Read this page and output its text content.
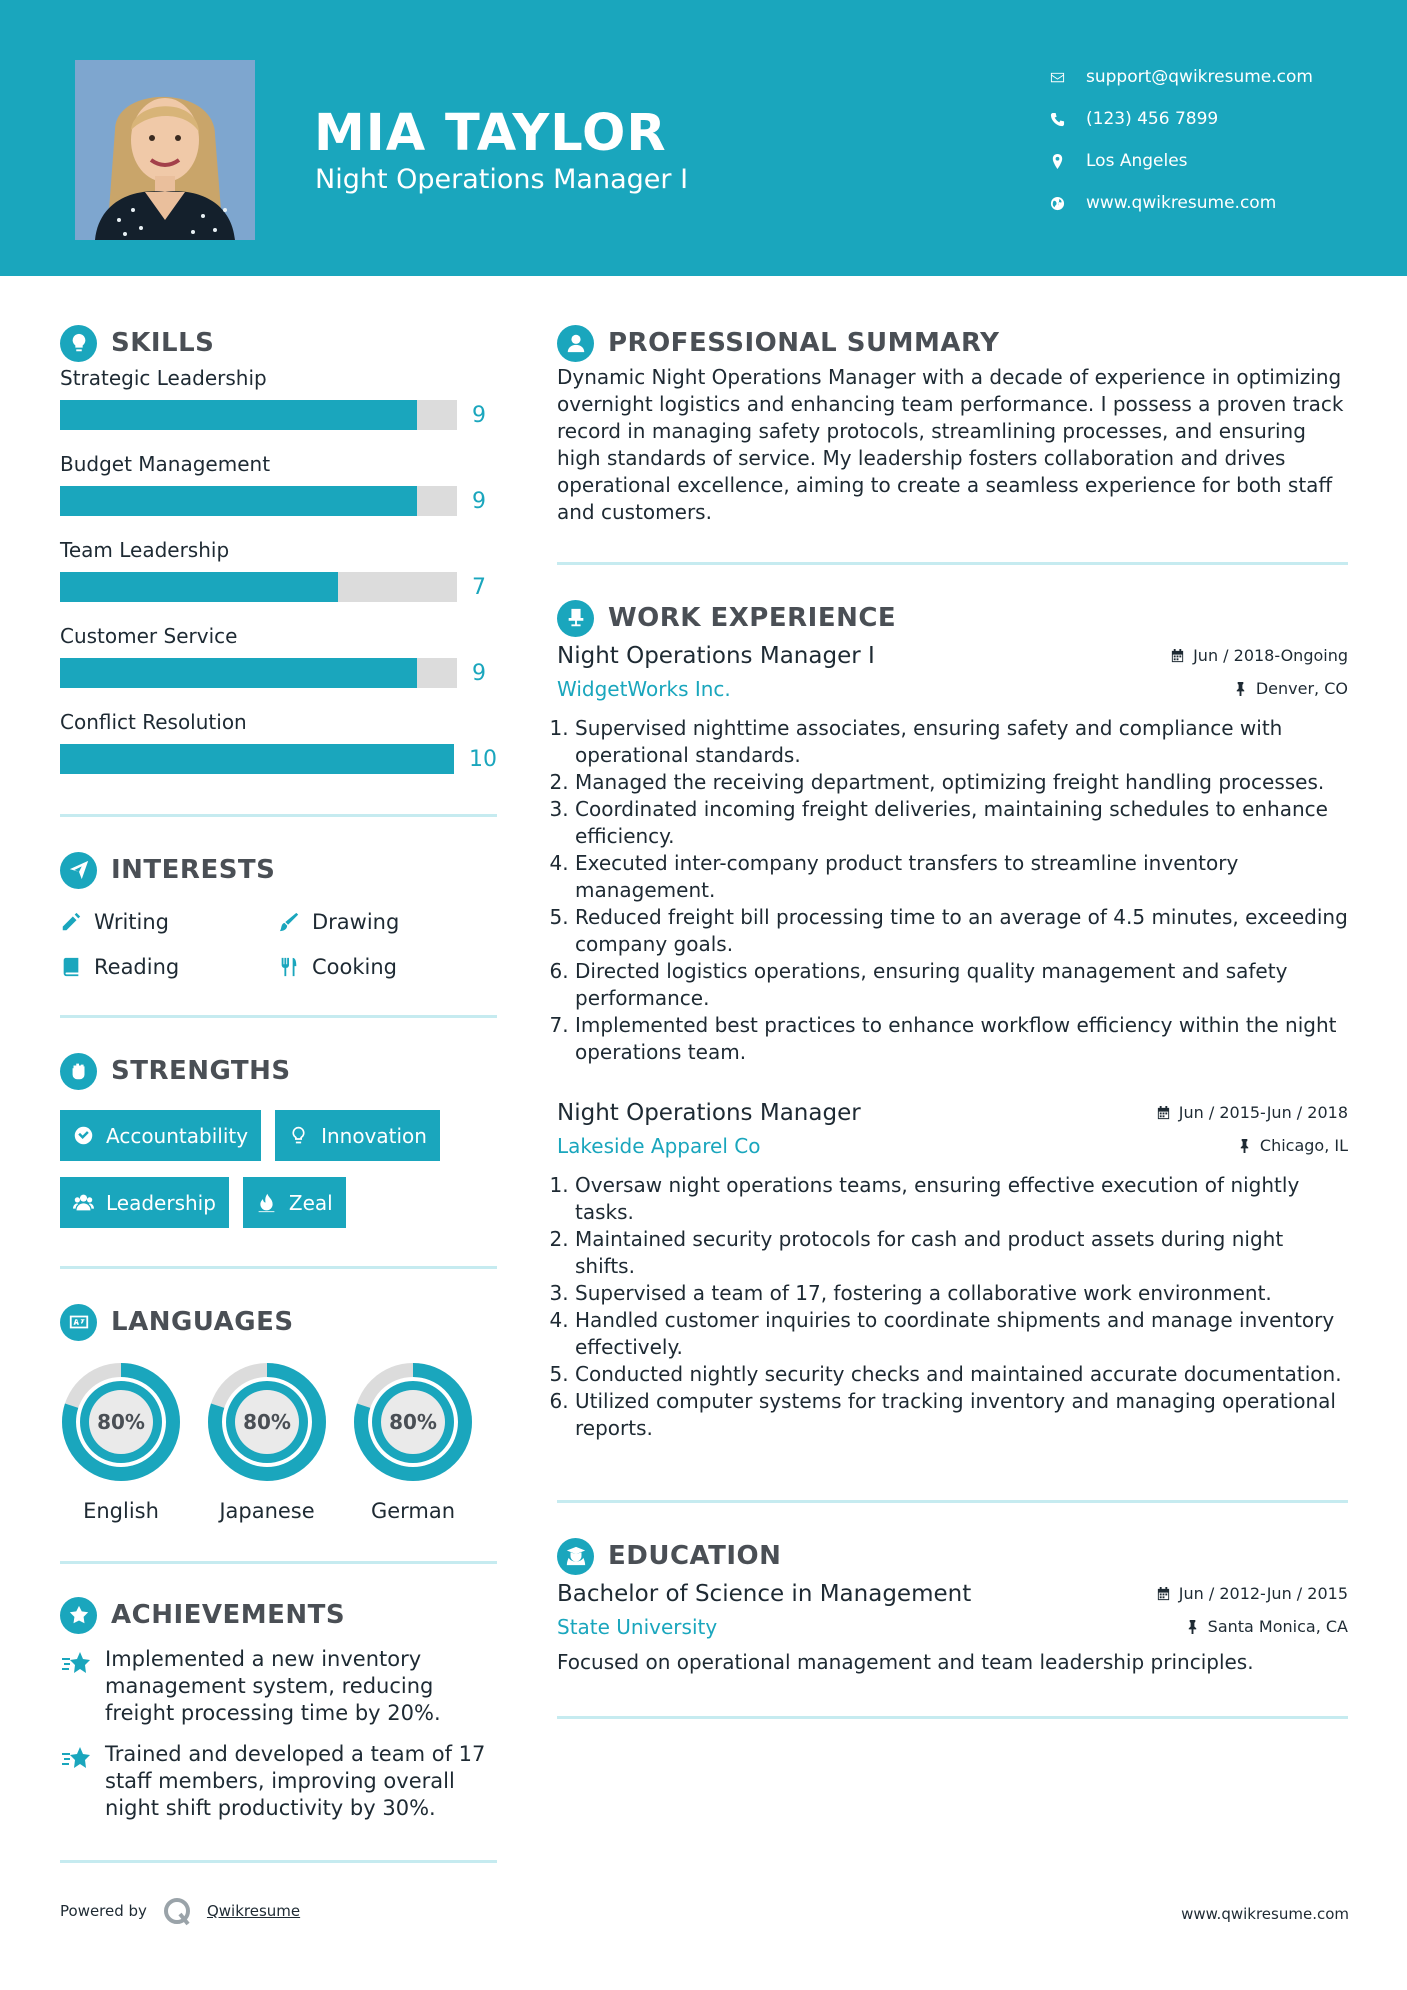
MIA TAYLOR
Night Operations Manager I
support@qwikresume.com
(123) 456 7899
Los Angeles
www.qwikresume.com
SKILLS
Strategic Leadership
9
Budget Management
9
Team Leadership
7
Customer Service
9
Conflict Resolution
10
INTERESTS
Writing	Drawing
Reading	Cooking
STRENGTHS
Accountability	Innovation
Leadership	Zeal
LANGUAGES
80%
English
80%
Japanese
80%
German
ACHIEVEMENTS
Implemented a new inventory management system, reducing freight processing time by 20%.
Trained and developed a team of 17 staff members, improving overall night shift productivity by 30%.
PROFESSIONAL SUMMARY
Dynamic Night Operations Manager with a decade of experience in optimizing overnight logistics and enhancing team performance. I possess a proven track record in managing safety protocols, streamlining processes, and ensuring high standards of service. My leadership fosters collaboration and drives operational excellence, aiming to create a seamless experience for both staff and customers.
WORK EXPERIENCE
Night Operations Manager I	Jun / 2018-Ongoing
WidgetWorks Inc.	Denver, CO
1. Supervised nighttime associates, ensuring safety and compliance with operational standards.
2. Managed the receiving department, optimizing freight handling processes.
3. Coordinated incoming freight deliveries, maintaining schedules to enhance efficiency.
4. Executed inter-company product transfers to streamline inventory management.
5. Reduced freight bill processing time to an average of 4.5 minutes, exceeding company goals.
6. Directed logistics operations, ensuring quality management and safety performance.
7. Implemented best practices to enhance workflow efficiency within the night operations team.
Night Operations Manager	Jun / 2015-Jun / 2018
Lakeside Apparel Co	Chicago, IL
1. Oversaw night operations teams, ensuring effective execution of nightly tasks.
2. Maintained security protocols for cash and product assets during night shifts.
3. Supervised a team of 17, fostering a collaborative work environment.
4. Handled customer inquiries to coordinate shipments and manage inventory effectively.
5. Conducted nightly security checks and maintained accurate documentation.
6. Utilized computer systems for tracking inventory and managing operational reports.
EDUCATION
Bachelor of Science in Management	Jun / 2012-Jun / 2015
State University	Santa Monica, CA
Focused on operational management and team leadership principles.
Powered by	Qwikresume	www.qwikresume.com
